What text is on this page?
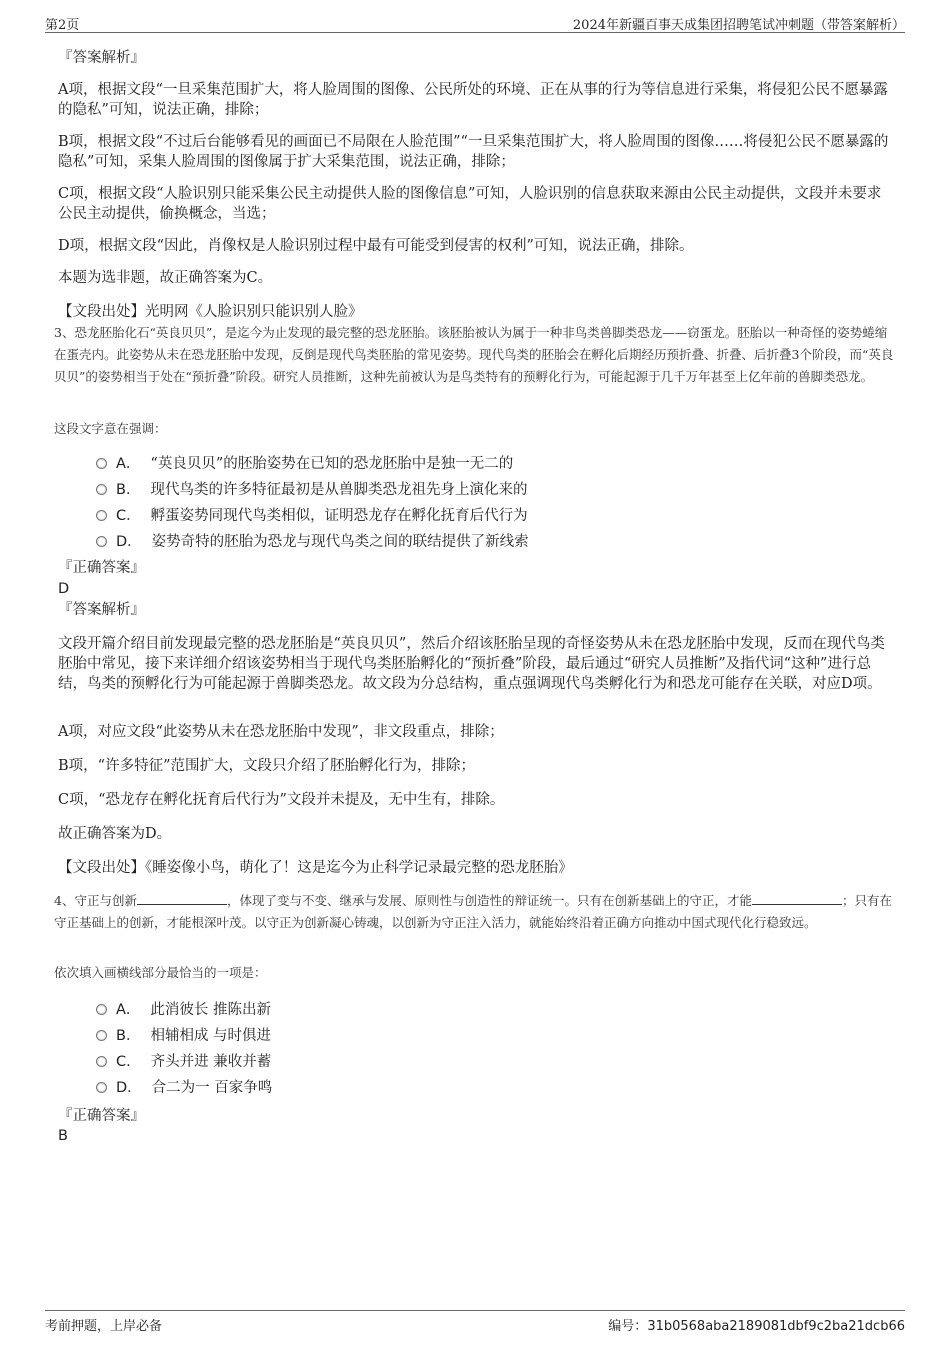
第2页	2024年新疆百事天成集团招聘笔试冲刺题（带答案解析）
『答案解析』
A项，根据文段“一旦采集范围扩大，将人脸周围的图像、公民所处的环境、正在从事的行为等信息进行采集，将侵犯公民不愿暴露的隐私”可知，说法正确，排除；
B项，根据文段“不过后台能够看见的画面已不局限在人脸范围”“一旦采集范围扩大，将人脸周围的图像……将侵犯公民不愿暴露的隐私”可知，采集人脸周围的图像属于扩大采集范围，说法正确，排除；
C项，根据文段“人脸识别只能采集公民主动提供人脸的图像信息”可知，人脸识别的信息获取来源由公民主动提供，文段并未要求公民主动提供，偷换概念，当选；
D项，根据文段“因此，肖像权是人脸识别过程中最有可能受到侵害的权利”可知，说法正确，排除。
本题为选非题，故正确答案为C。
【文段出处】光明网《人脸识别只能识别人脸》
3、恐龙胚胎化石“英良贝贝”，是迄今为止发现的最完整的恐龙胚胎。该胚胎被认为属于一种非鸟类兽脚类恐龙——窃蛋龙。胚胎以一种奇怪的姿势蜷缩在蛋壳内。此姿势从未在恐龙胚胎中发现，反倒是现代鸟类胚胎的常见姿势。现代鸟类的胚胎会在孵化后期经历预折叠、折叠、后折叠3个阶段，而“英良贝贝”的姿势相当于处在“预折叠”阶段。研究人员推断，这种先前被认为是鸟类特有的预孵化行为，可能起源于几千万年甚至上亿年前的兽脚类恐龙。
这段文字意在强调：
A． “英良贝贝”的胚胎姿势在已知的恐龙胚胎中是独一无二的
B． 现代鸟类的许多特征最初是从兽脚类恐龙祖先身上演化来的
C． 孵蛋姿势同现代鸟类相似，证明恐龙存在孵化抚育后代行为
D． 姿势奇特的胚胎为恐龙与现代鸟类之间的联结提供了新线索
『正确答案』
D
『答案解析』
文段开篇介绍目前发现最完整的恐龙胚胎是“英良贝贝”，然后介绍该胚胎呈现的奇怪姿势从未在恐龙胚胎中发现，反而在现代鸟类胚胎中常见，接下来详细介绍该姿势相当于现代鸟类胚胎孵化的“预折叠”阶段，最后通过“研究人员推断”及指代词“这种”进行总结，鸟类的预孵化行为可能起源于兽脚类恐龙。故文段为分总结构，重点强调现代鸟类孵化行为和恐龙可能存在关联，对应D项。
A项，对应文段“此姿势从未在恐龙胚胎中发现”，非文段重点，排除；
B项，“许多特征”范围扩大，文段只介绍了胚胎孵化行为，排除；
C项，“恐龙存在孵化抚育后代行为”文段并未提及，无中生有，排除。
故正确答案为D。
【文段出处】《睡姿像小鸟，萌化了！这是迄今为止科学记录最完整的恐龙胚胎》
4、守正与创新	，体现了变与不变、继承与发展、原则性与创造性的辩证统一。只有在创新基础上的守正，才能	；只有在守正基础上的创新，才能根深叶茂。以守正为创新凝心铸魂，以创新为守正注入活力，就能始终沿着正确方向推动中国式现代化行稳致远。
依次填入画横线部分最恰当的一项是：
A． 此消彼长 推陈出新
B． 相辅相成 与时俱进
C． 齐头并进 兼收并蓄
D． 合二为一 百家争鸣
『正确答案』
B
考前押题，上岸必备	编号：31b0568aba2189081dbf9c2ba21dcb66
